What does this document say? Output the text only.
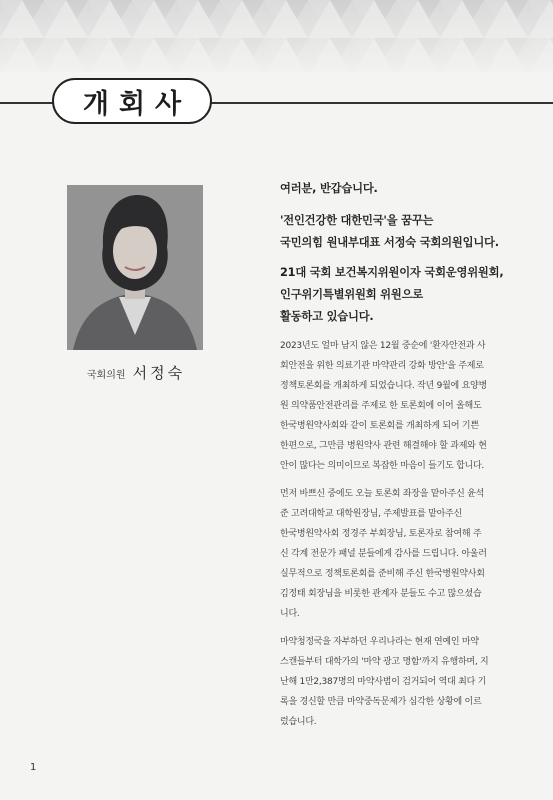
개회사
국회의원 서정숙
여러분, 반갑습니다.
'전인건강한 대한민국'을 꿈꾸는
국민의힘 원내부대표 서정숙 국회의원입니다.
21대 국회 보건복지위원이자 국회운영위원회,
인구위기특별위원회 위원으로
활동하고 있습니다.
2023년도 얼마 남지 않은 12월 중순에 '환자안전과 사
회안전을 위한 의료기관 마약관리 강화 방안'을 주제로
정책토론회를 개최하게 되었습니다. 작년 9월에 요양병
원 의약품안전관리를 주제로 한 토론회에 이어 올해도
한국병원약사회와 같이 토론회를 개최하게 되어 기쁜
한편으로, 그만큼 병원약사 관련 해결해야 할 과제와 현
안이 많다는 의미이므로 복잡한 마음이 들기도 합니다.
먼저 바쁘신 중에도 오늘 토론회 좌장을 맡아주신 윤석
준 고려대학교 대학원장님, 주제발표를 맡아주신
한국병원약사회 정경주 부회장님, 토론자로 참여해 주
신 각계 전문가 패널 분들에게 감사를 드립니다. 아울러
실무적으로 정책토론회를 준비해 주신 한국병원약사회
김정태 회장님을 비롯한 관계자 분들도 수고 많으셨습
니다.
마약청정국을 자부하던 우리나라는 현재 연예인 마약
스캔들부터 대학가의 '마약 광고 명함'까지 유행하며, 지
난해 1만2,387명의 마약사범이 검거되어 역대 최다 기
록을 경신할 만큼 마약중독문제가 심각한 상황에 이르
렀습니다.
1
